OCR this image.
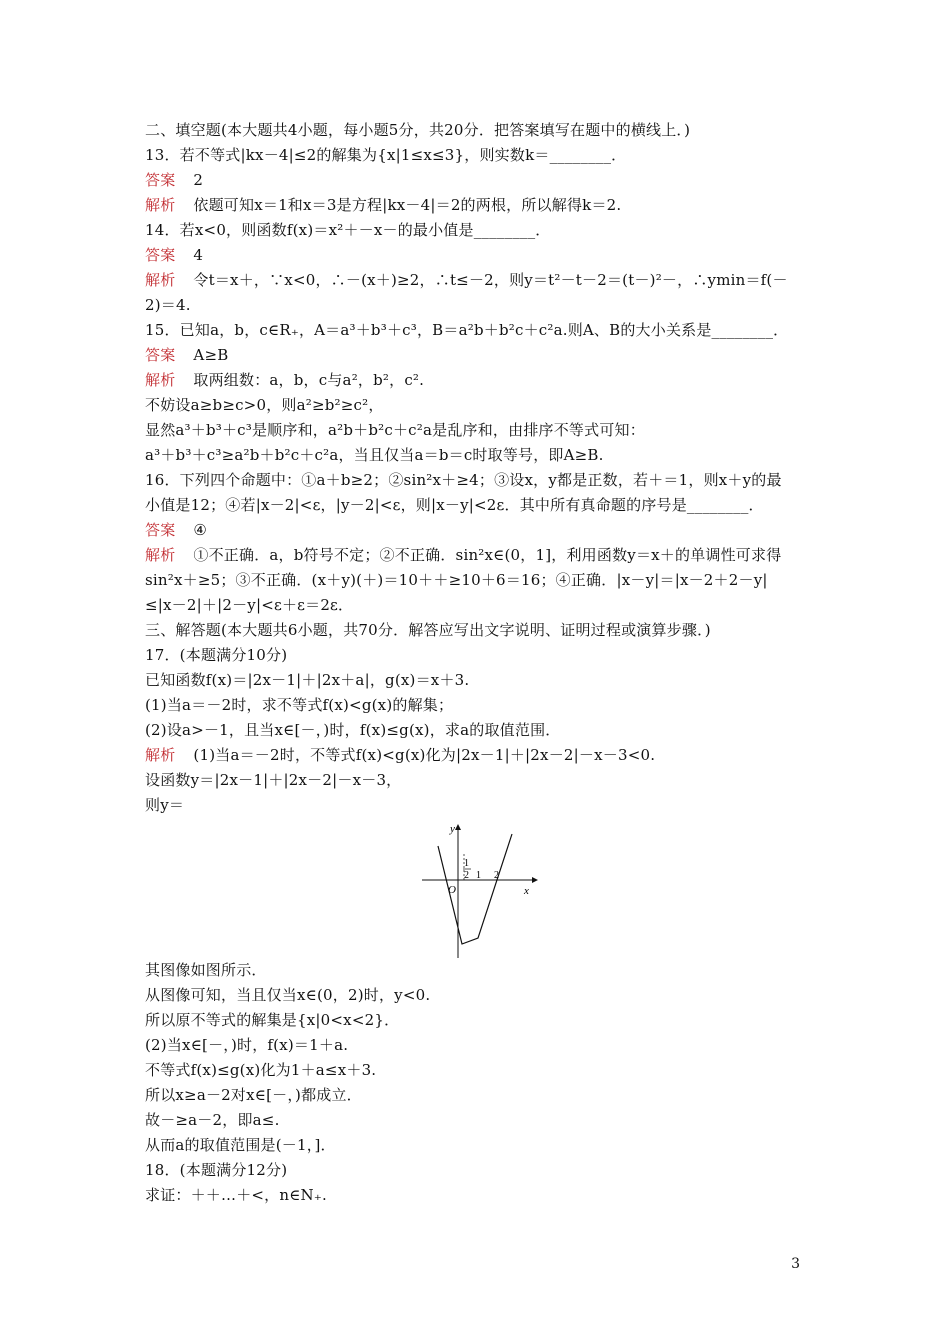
二、填空题(本大题共4小题，每小题5分，共20分．把答案填写在题中的横线上．)
13．若不等式|kx－4|≤2的解集为{x|1≤x≤3}，则实数k＝________．
答案 2
解析 依题可知x＝1和x＝3是方程|kx－4|＝2的两根，所以解得k＝2.
14．若x<0，则函数f(x)＝x²＋－x－的最小值是________．
答案 4
解析 令t＝x＋，∵x<0，∴－(x＋)≥2，∴t≤－2，则y＝t²－t－2＝(t－)²－，∴ymin＝f(－
2)＝4.
15．已知a，b，c∈R₊，A＝a³＋b³＋c³，B＝a²b＋b²c＋c²a.则A、B的大小关系是________．
答案 A≥B
解析 取两组数：a，b，c与a²，b²，c².
不妨设a≥b≥c>0，则a²≥b²≥c²，
显然a³＋b³＋c³是顺序和，a²b＋b²c＋c²a是乱序和，由排序不等式可知：
a³＋b³＋c³≥a²b＋b²c＋c²a，当且仅当a＝b＝c时取等号，即A≥B.
16．下列四个命题中：①a＋b≥2；②sin²x＋≥4；③设x，y都是正数，若＋＝1，则x＋y的最
小值是12；④若|x－2|<ε，|y－2|<ε，则|x－y|<2ε．其中所有真命题的序号是________．
答案 ④
解析 ①不正确．a，b符号不定；②不正确．sin²x∈(0，1]，利用函数y＝x＋的单调性可求得
sin²x＋≥5；③不正确．(x＋y)(＋)＝10＋＋≥10＋6＝16；④正确．|x－y|＝|x－2＋2－y|
≤|x－2|＋|2－y|<ε＋ε＝2ε．
三、解答题(本大题共6小题，共70分．解答应写出文字说明、证明过程或演算步骤．)
17．(本题满分10分)
已知函数f(x)＝|2x－1|＋|2x＋a|，g(x)＝x＋3.
(1)当a＝－2时，求不等式f(x)<g(x)的解集；
(2)设a>－1，且当x∈[－，)时，f(x)≤g(x)，求a的取值范围．
解析 (1)当a＝－2时，不等式f(x)<g(x)化为|2x－1|＋|2x－2|－x－3<0.
设函数y＝|2x－1|＋|2x－2|－x－3，
则y＝
y
x
O
1
2 1 2
其图像如图所示．
从图像可知，当且仅当x∈(0，2)时，y<0.
所以原不等式的解集是{x|0<x<2}．
(2)当x∈[－，)时，f(x)＝1＋a.
不等式f(x)≤g(x)化为1＋a≤x＋3.
所以x≥a－2对x∈[－，)都成立．
故－≥a－2，即a≤.
从而a的取值范围是(－1，]．
18．(本题满分12分)
求证：＋＋…＋<，n∈N₊.
3
